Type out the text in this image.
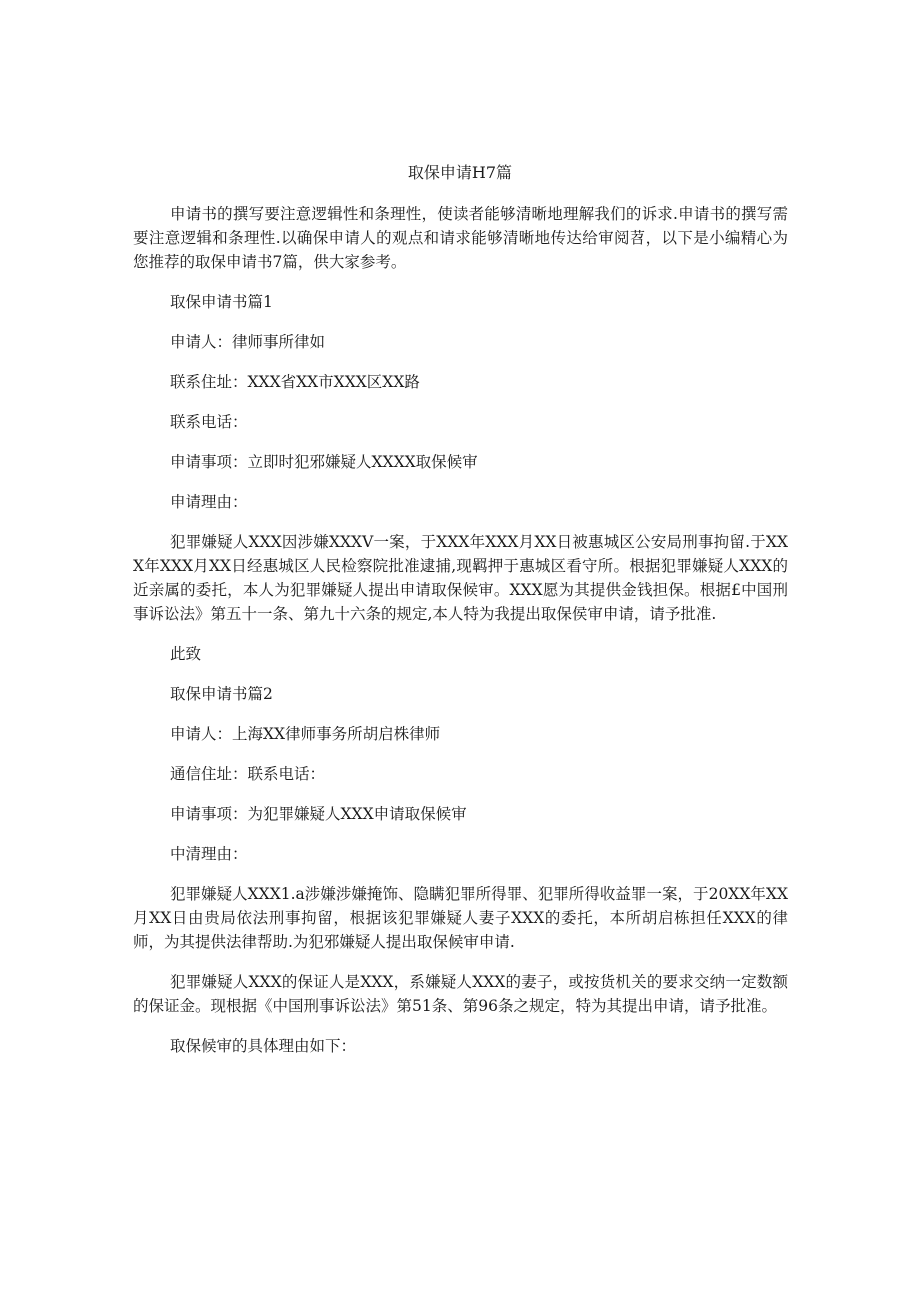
取保申请H7篇

申请书的撰写要注意逻辑性和条理性，使读者能够清晰地理解我们的诉求.申请书的撰写需要注意逻辑和条理性.以确保申请人的观点和请求能够清晰地传达给审阅苕，以下是小编精心为您推荐的取保申请书7篇，供大家参考。

取保申请书篇1

申请人：律师事所律如

联系住址：XXX省XX市XXX区XX路

联系电话：

申请事项：立即时犯邪嫌疑人XXXX取保候审

申请理由：

犯罪嫌疑人XXX因涉嫌XXXV一案，于XXX年XXX月XX日被惠城区公安局刑事拘留.于XXX年XXX月XX日经惠城区人民检察院批准逮捕,现羁押于惠城区看守所。根据犯罪嫌疑人XXX的近亲属的委托，本人为犯罪嫌疑人提出申请取保候审。XXX愿为其提供金钱担保。根据£中国刑事诉讼法》第五十一条、第九十六条的规定,本人特为我提出取保侯审申请，请予批准.

此致

取保申请书篇2

申请人：上海XX律师事务所胡启株律师

通信住址：联系电话：

申请事项：为犯罪嫌疑人XXX申请取保候审

中清理由：

犯罪嫌疑人XXX1.a涉嫌涉嫌掩饰、隐瞒犯罪所得罪、犯罪所得收益罪一案，于20XX年XX月XX日由贵局依法刑事拘留，根据该犯罪嫌疑人妻子XXX的委托，本所胡启栋担任XXX的律师，为其提供法律帮助.为犯邪嫌疑人提出取保候审申请.

犯罪嫌疑人XXX的保证人是XXX，系嫌疑人XXX的妻子，或按货机关的要求交纳一定数额的保证金。现根据《中国刑事诉讼法》第51条、第96条之规定，特为其提出申请，请予批准。

取保候审的具体理由如下：
